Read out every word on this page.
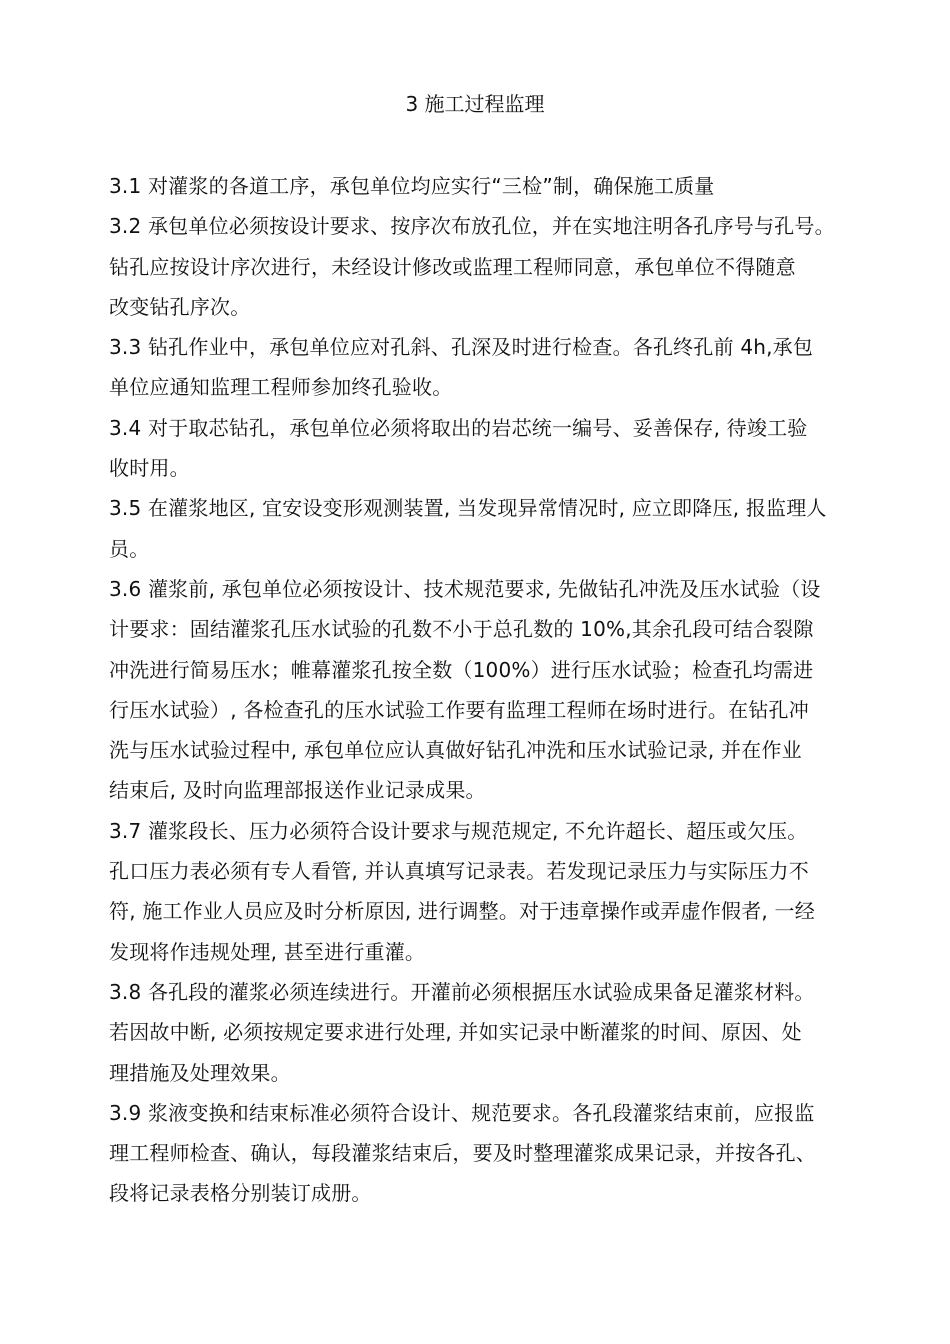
3 施工过程监理
3.1 对灌浆的各道工序，承包单位均应实行“三检”制，确保施工质量
3.2 承包单位必须按设计要求、按序次布放孔位，并在实地注明各孔序号与孔号。
钻孔应按设计序次进行，未经设计修改或监理工程师同意，承包单位不得随意
改变钻孔序次。
3.3 钻孔作业中，承包单位应对孔斜、孔深及时进行检查。各孔终孔前 4h,承包
单位应通知监理工程师参加终孔验收。
3.4 对于取芯钻孔，承包单位必须将取出的岩芯统一编号、妥善保存, 待竣工验
收时用。
3.5 在灌浆地区, 宜安设变形观测装置, 当发现异常情况时, 应立即降压, 报监理人
员。
3.6 灌浆前, 承包单位必须按设计、技术规范要求, 先做钻孔冲洗及压水试验（设
计要求：固结灌浆孔压水试验的孔数不小于总孔数的 10%,其余孔段可结合裂隙
冲洗进行简易压水；帷幕灌浆孔按全数（100%）进行压水试验；检查孔均需进
行压水试验）, 各检查孔的压水试验工作要有监理工程师在场时进行。在钻孔冲
洗与压水试验过程中, 承包单位应认真做好钻孔冲洗和压水试验记录, 并在作业
结束后, 及时向监理部报送作业记录成果。
3.7 灌浆段长、压力必须符合设计要求与规范规定, 不允许超长、超压或欠压。
孔口压力表必须有专人看管, 并认真填写记录表。若发现记录压力与实际压力不
符, 施工作业人员应及时分析原因, 进行调整。对于违章操作或弄虚作假者, 一经
发现将作违规处理, 甚至进行重灌。
3.8 各孔段的灌浆必须连续进行。开灌前必须根据压水试验成果备足灌浆材料。
若因故中断, 必须按规定要求进行处理, 并如实记录中断灌浆的时间、原因、处
理措施及处理效果。
3.9 浆液变换和结束标准必须符合设计、规范要求。各孔段灌浆结束前，应报监
理工程师检查、确认，每段灌浆结束后，要及时整理灌浆成果记录，并按各孔、
段将记录表格分别装订成册。
